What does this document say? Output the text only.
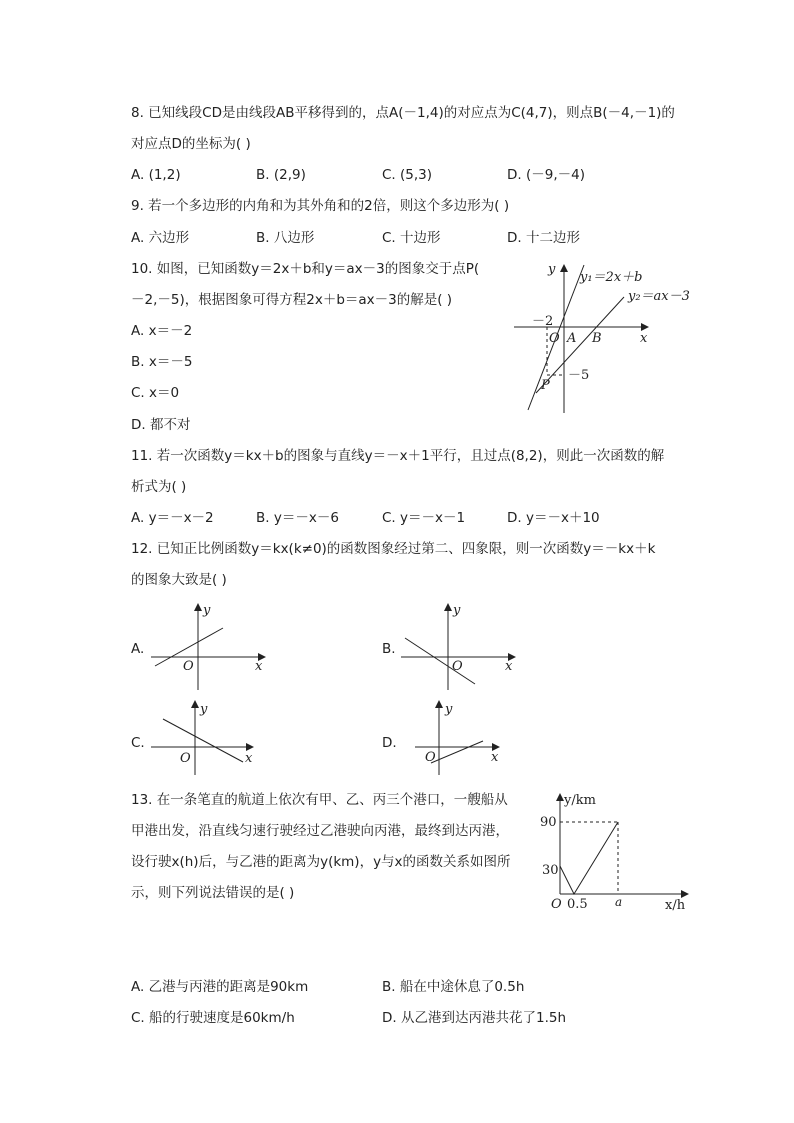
8. 已知线段CD是由线段AB平移得到的，点A(－1,4)的对应点为C(4,7)，则点B(－4,－1)的
对应点D的坐标为( )
A. (1,2)	B. (2,9)	C. (5,3)	D. (－9,－4)
9. 若一个多边形的内角和为其外角和的2倍，则这个多边形为( )
A. 六边形	B. 八边形	C. 十边形	D. 十二边形
10. 如图，已知函数y＝2x＋b和y＝ax－3的图象交于点P(
－2,－5)，根据图象可得方程2x＋b＝ax－3的解是( )
A. x＝－2
B. x＝－5
C. x＝0
D. 都不对
y
x
O
y₁＝2x＋b
y₂＝ax－3
－2
－5
A B
P
11. 若一次函数y＝kx＋b的图象与直线y＝－x＋1平行，且过点(8,2)，则此一次函数的解
析式为( )
A. y＝－x－2	B. y＝－x－6	C. y＝－x－1	D. y＝－x＋10
12. 已知正比例函数y＝kx(k≠0)的函数图象经过第二、四象限，则一次函数y＝－kx＋k
的图象大致是( )
A.
y
x
O
B.
y
x
O
C.
y
x
O
D.
y
x
O
13. 在一条笔直的航道上依次有甲、乙、丙三个港口，一艘船从
甲港出发，沿直线匀速行驶经过乙港驶向丙港，最终到达丙港，
设行驶x(h)后，与乙港的距离为y(km)，y与x的函数关系如图所
示，则下列说法错误的是( )
y/km
x/h
O
90
30
0.5 a
A. 乙港与丙港的距离是90km	B. 船在中途休息了0.5h
C. 船的行驶速度是60km/h	D. 从乙港到达丙港共花了1.5h
